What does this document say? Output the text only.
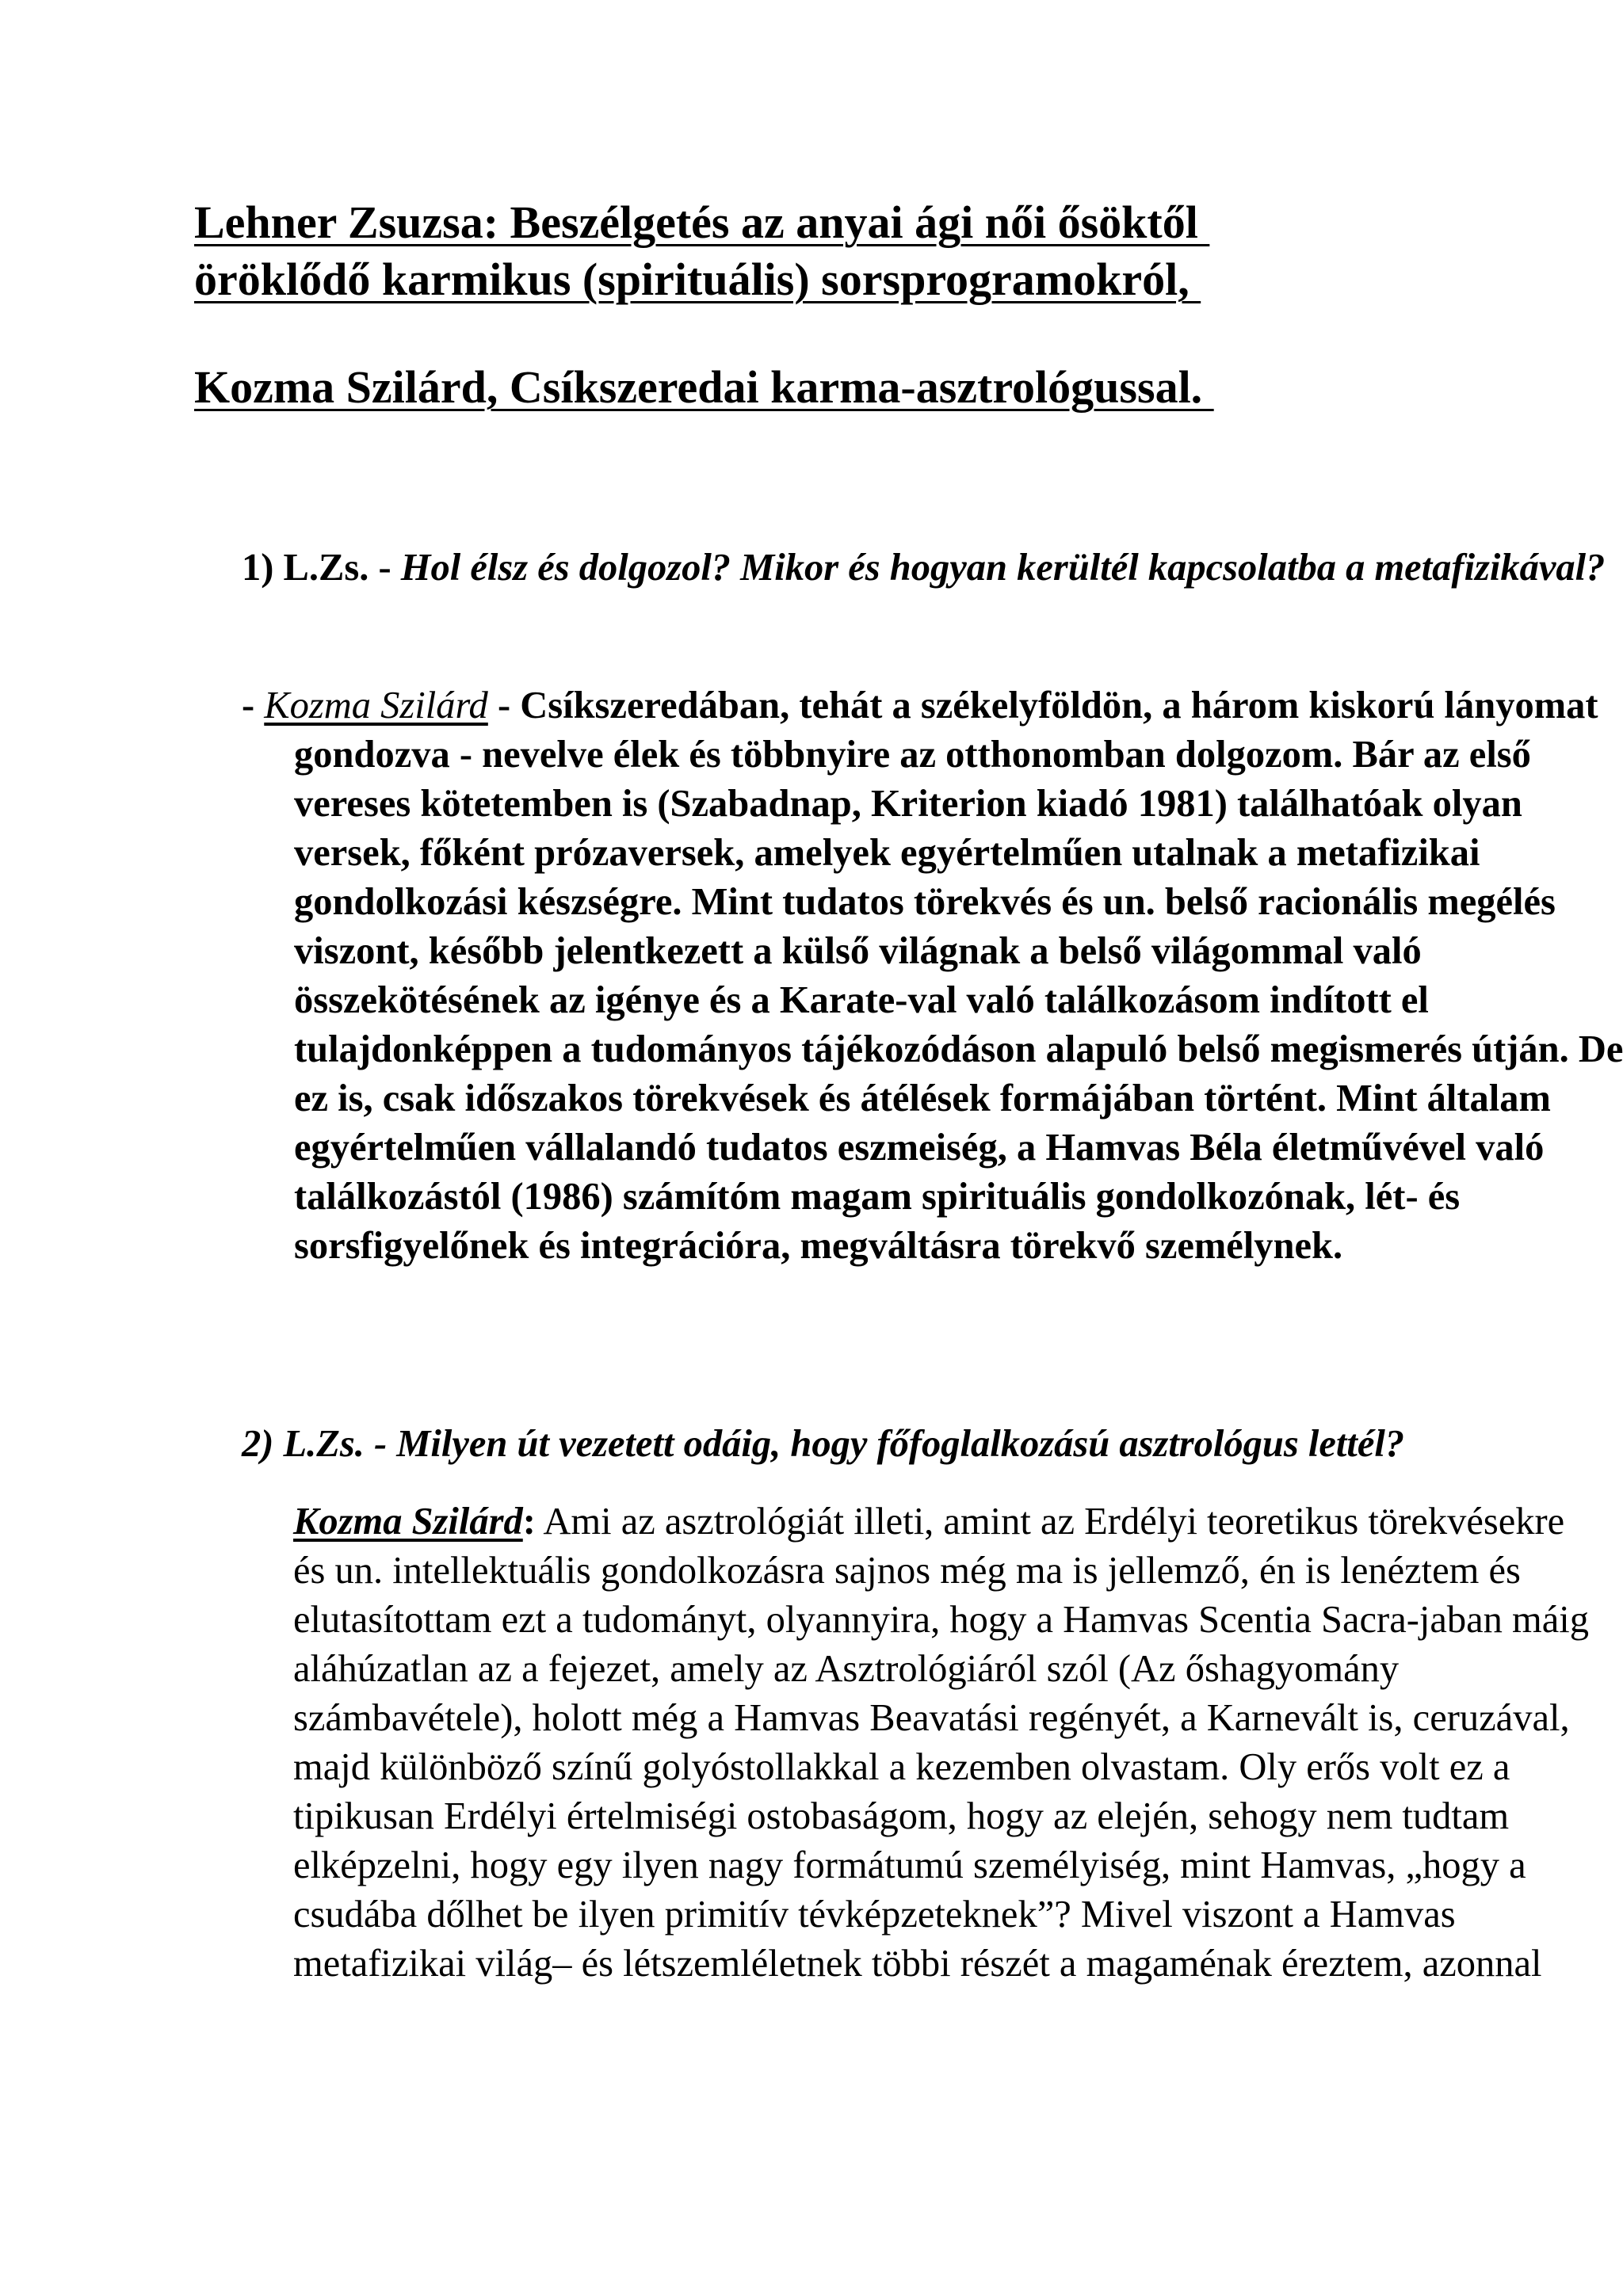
Lehner Zsuzsa: Beszélgetés az anyai ági női ősöktől
öröklődő karmikus (spirituális) sorsprogramokról,
Kozma Szilárd, Csíkszeredai karma-asztrológussal.

1) L.Zs. - Hol élsz és dolgozol? Mikor és hogyan kerültél kapcsolatba a metafizikával?

- Kozma Szilárd - Csíkszeredában, tehát a székelyföldön, a három kiskorú lányomat gondozva - nevelve élek és többnyire az otthonomban dolgozom. Bár az első vereses kötetemben is (Szabadnap, Kriterion kiadó 1981) találhatóak olyan versek, főként prózaversek, amelyek egyértelműen utalnak a metafizikai gondolkozási készségre. Mint tudatos törekvés és un. belső racionális megélés viszont, később jelentkezett a külső világnak a belső világommal való összekötésének az igénye és a Karate-val való találkozásom indított el tulajdonképpen a tudományos tájékozódáson alapuló belső megismerés útján. De ez is, csak időszakos törekvések és átélések formájában történt. Mint általam egyértelműen vállalandó tudatos eszmeiség, a Hamvas Béla életművével való találkozástól (1986) számítóm magam spirituális gondolkozónak, lét- és sorsfigyelőnek és integrációra, megváltásra törekvő személynek.

2) L.Zs. - Milyen út vezetett odáig, hogy főfoglalkozású asztrológus lettél?

Kozma Szilárd: Ami az asztrológiát illeti, amint az Erdélyi teoretikus törekvésekre és un. intellektuális gondolkozásra sajnos még ma is jellemző, én is lenéztem és elutasítottam ezt a tudományt, olyannyira, hogy a Hamvas Scentia Sacra-jaban máig aláhúzatlan az a fejezet, amely az Asztrológiáról szól (Az őshagyomány számbavétele), holott még a Hamvas Beavatási regényét, a Karnevált is, ceruzával, majd különböző színű golyóstollakkal a kezemben olvastam. Oly erős volt ez a tipikusan Erdélyi értelmiségi ostobaságom, hogy az elején, sehogy nem tudtam elképzelni, hogy egy ilyen nagy formátumú személyiség, mint Hamvas, „hogy a csudába dőlhet be ilyen primitív tévképzeteknek”? Mivel viszont a Hamvas metafizikai világ– és létszemléletnek többi részét a magaménak éreztem, azonnal
